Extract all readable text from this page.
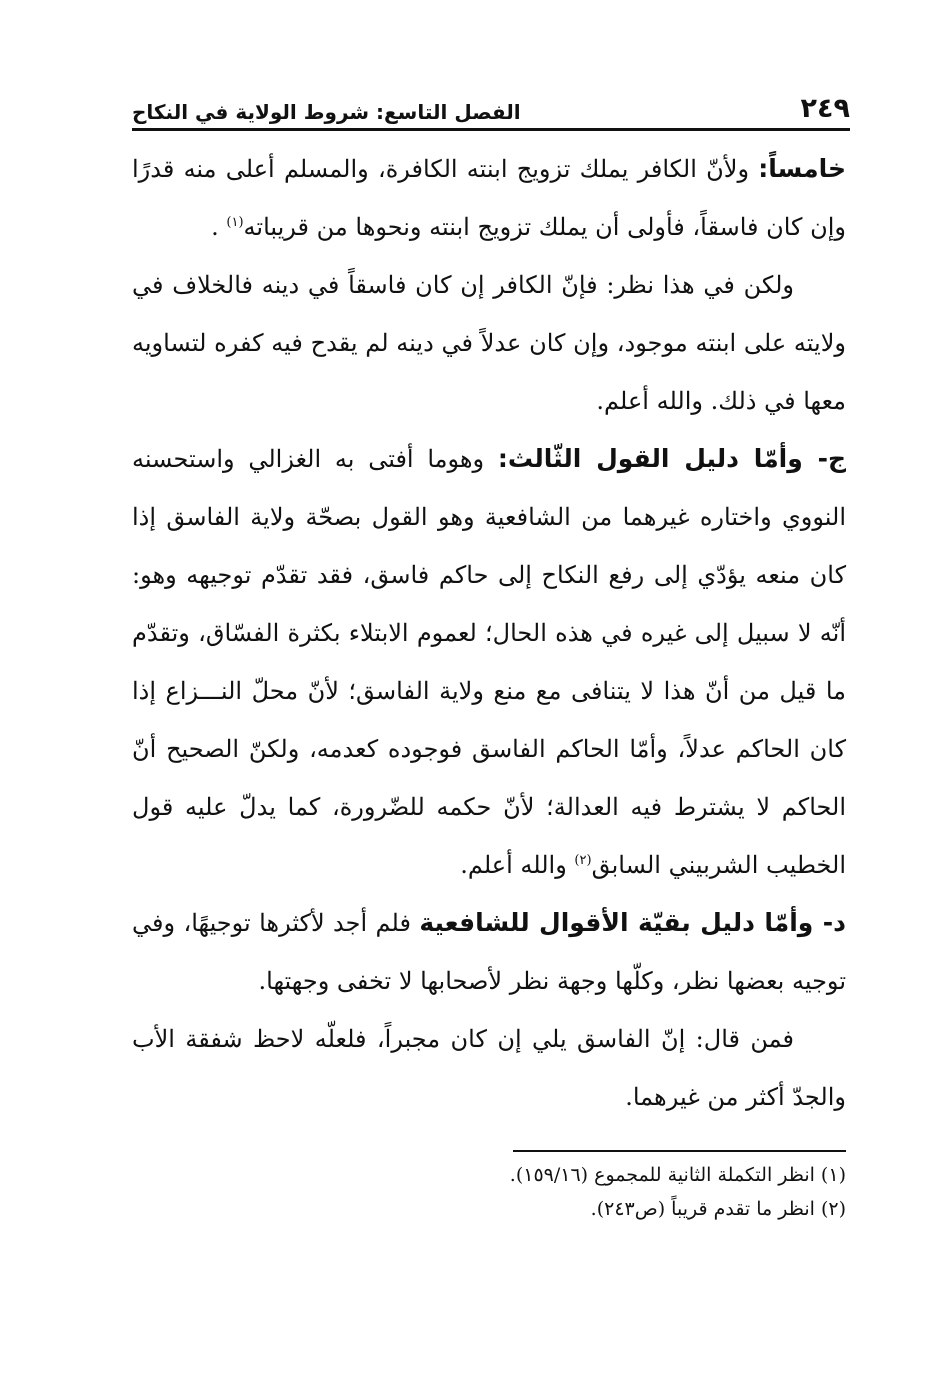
٢٤٩
الفصل التاسع: شروط الولاية في النكاح

خامساً: ولأنّ الكافر يملك تزويج ابنته الكافرة، والمسلم أعلى منه قدرًا وإن كان فاسقاً، فأولى أن يملك تزويج ابنته ونحوها من قريباته$^{(١)}$ .

ولكن في هذا نظر: فإنّ الكافر إن كان فاسقاً في دينه فالخلاف في ولايته على ابنته موجود، وإن كان عدلاً في دينه لم يقدح فيه كفره لتساويه معها في ذلك. والله أعلم.

ج- وأمّا دليل القول الثّالث: وهوما أفتى به الغزالي واستحسنه النووي واختاره غيرهما من الشافعية وهو القول بصحّة ولاية الفاسق إذا كان منعه يؤدّي إلى رفع النكاح إلى حاكم فاسق، فقد تقدّم توجيهه وهو: أنّه لا سبيل إلى غيره في هذه الحال؛ لعموم الابتلاء بكثرة الفسّاق، وتقدّم ما قيل من أنّ هذا لا يتنافى مع منع ولاية الفاسق؛ لأنّ محلّ النـــزاع إذا كان الحاكم عدلاً، وأمّا الحاكم الفاسق فوجوده كعدمه، ولكنّ الصحيح أنّ الحاكم لا يشترط فيه العدالة؛ لأنّ حكمه للضّرورة، كما يدلّ عليه قول الخطيب الشربيني السابق$^{(٢)}$ والله أعلم.

د- وأمّا دليل بقيّة الأقوال للشافعية فلم أجد لأكثرها توجيهًا، وفي توجيه بعضها نظر، وكلّها وجهة نظر لأصحابها لا تخفى وجهتها.

فمن قال: إنّ الفاسق يلي إن كان مجبراً، فلعلّه لاحظ شفقة الأب والجدّ أكثر من غيرهما.

(١) انظر التكملة الثانية للمجموع (١٥٩/١٦).

(٢) انظر ما تقدم قريباً (ص٢٤٣).
